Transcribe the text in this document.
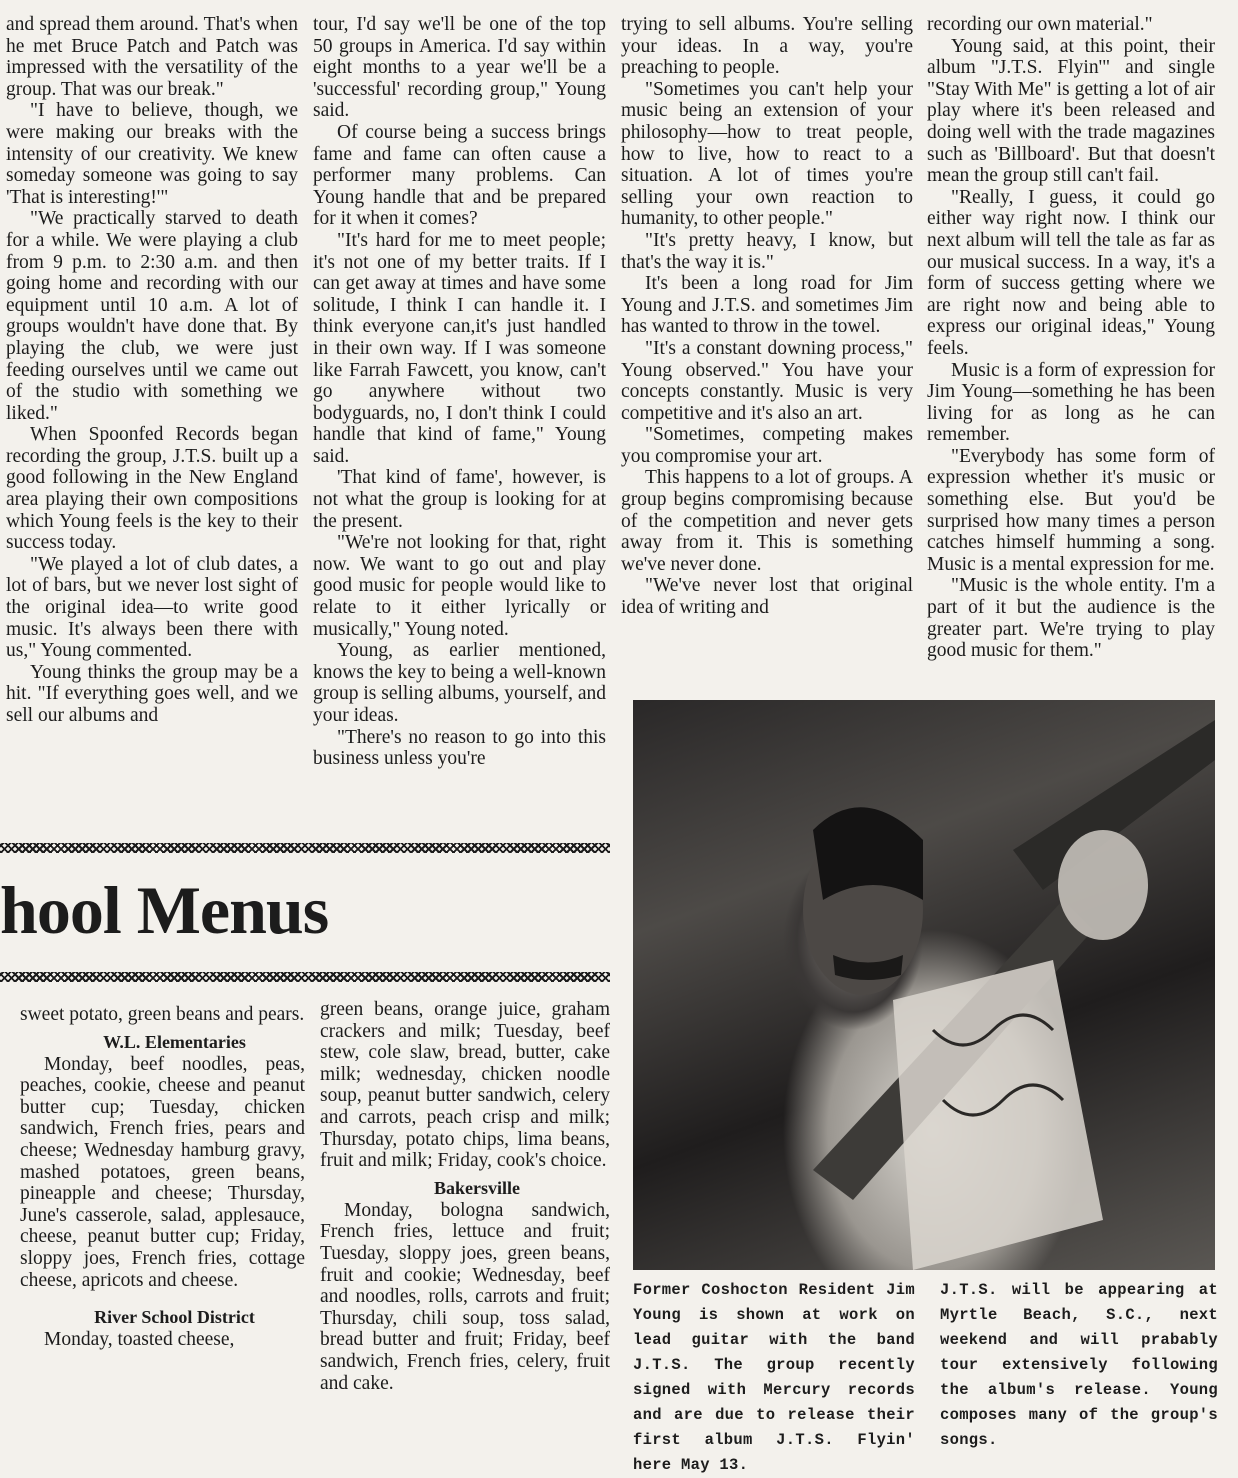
and spread them around. That's when he met Bruce Patch and Patch was impressed with the versatility of the group. That was our break."

"I have to believe, though, we were making our breaks with the intensity of our creativity. We knew someday someone was going to say 'That is interesting!'"

"We practically starved to death for a while. We were playing a club from 9 p.m. to 2:30 a.m. and then going home and recording with our equipment until 10 a.m. A lot of groups wouldn't have done that. By playing the club, we were just feeding ourselves until we came out of the studio with something we liked."

When Spoonfed Records began recording the group, J.T.S. built up a good following in the New England area playing their own compositions which Young feels is the key to their success today.

"We played a lot of club dates, a lot of bars, but we never lost sight of the original idea—to write good music. It's always been there with us," Young commented.

Young thinks the group may be a hit. "If everything goes well, and we sell our albums and

tour, I'd say we'll be one of the top 50 groups in America. I'd say within eight months to a year we'll be a 'successful' recording group," Young said.

Of course being a success brings fame and fame can often cause a performer many problems. Can Young handle that and be prepared for it when it comes?

"It's hard for me to meet people; it's not one of my better traits. If I can get away at times and have some solitude, I think I can handle it. I think everyone can,it's just handled in their own way. If I was someone like Farrah Fawcett, you know, can't go anywhere without two bodyguards, no, I don't think I could handle that kind of fame," Young said.

'That kind of fame', however, is not what the group is looking for at the present.

"We're not looking for that, right now. We want to go out and play good music for people would like to relate to it either lyrically or musically," Young noted.

Young, as earlier mentioned, knows the key to being a well-known group is selling albums, yourself, and your ideas.

"There's no reason to go into this business unless you're

trying to sell albums. You're selling your ideas. In a way, you're preaching to people.

"Sometimes you can't help your music being an extension of your philosophy—how to treat people, how to live, how to react to a situation. A lot of times you're selling your own reaction to humanity, to other people."

"It's pretty heavy, I know, but that's the way it is."

It's been a long road for Jim Young and J.T.S. and sometimes Jim has wanted to throw in the towel.

"It's a constant downing process," Young observed." You have your concepts constantly. Music is very competitive and it's also an art.

"Sometimes, competing makes you compromise your art.

This happens to a lot of groups. A group begins compromising because of the competition and never gets away from it. This is something we've never done.

"We've never lost that original idea of writing and

recording our own material."

Young said, at this point, their album "J.T.S. Flyin'" and single "Stay With Me" is getting a lot of air play where it's been released and doing well with the trade magazines such as 'Billboard'. But that doesn't mean the group still can't fail.

"Really, I guess, it could go either way right now. I think our next album will tell the tale as far as our musical success. In a way, it's a form of success getting where we are right now and being able to express our original ideas," Young feels.

Music is a form of expression for Jim Young—something he has been living for as long as he can remember.

"Everybody has some form of expression whether it's music or something else. But you'd be surprised how many times a person catches himself humming a song. Music is a mental expression for me.

"Music is the whole entity. I'm a part of it but the audience is the greater part. We're trying to play good music for them."

hool Menus

sweet potato, green beans and pears.

W.L. Elementaries

Monday, beef noodles, peas, peaches, cookie, cheese and peanut butter cup; Tuesday, chicken sandwich, French fries, pears and cheese; Wednesday hamburg gravy, mashed potatoes, green beans, pineapple and cheese; Thursday, June's casserole, salad, applesauce, cheese, peanut butter cup; Friday, sloppy joes, French fries, cottage cheese, apricots and cheese.

River School District

Monday, toasted cheese,

green beans, orange juice, graham crackers and milk; Tuesday, beef stew, cole slaw, bread, butter, cake milk; wednesday, chicken noodle soup, peanut butter sandwich, celery and carrots, peach crisp and milk; Thursday, potato chips, lima beans, fruit and milk; Friday, cook's choice.

Bakersville

Monday, bologna sandwich, French fries, lettuce and fruit; Tuesday, sloppy joes, green beans, fruit and cookie; Wednesday, beef and noodles, rolls, carrots and fruit; Thursday, chili soup, toss salad, bread butter and fruit; Friday, beef sandwich, French fries, celery, fruit and cake.

Former Coshocton Resident Jim Young is shown at work on lead guitar with the band J.T.S. The group recently signed with Mercury records and are due to release their first album J.T.S. Flyin' here May 13.

J.T.S. will be appearing at Myrtle Beach, S.C., next weekend and will prabably tour extensively following the album's release. Young composes many of the group's songs.
